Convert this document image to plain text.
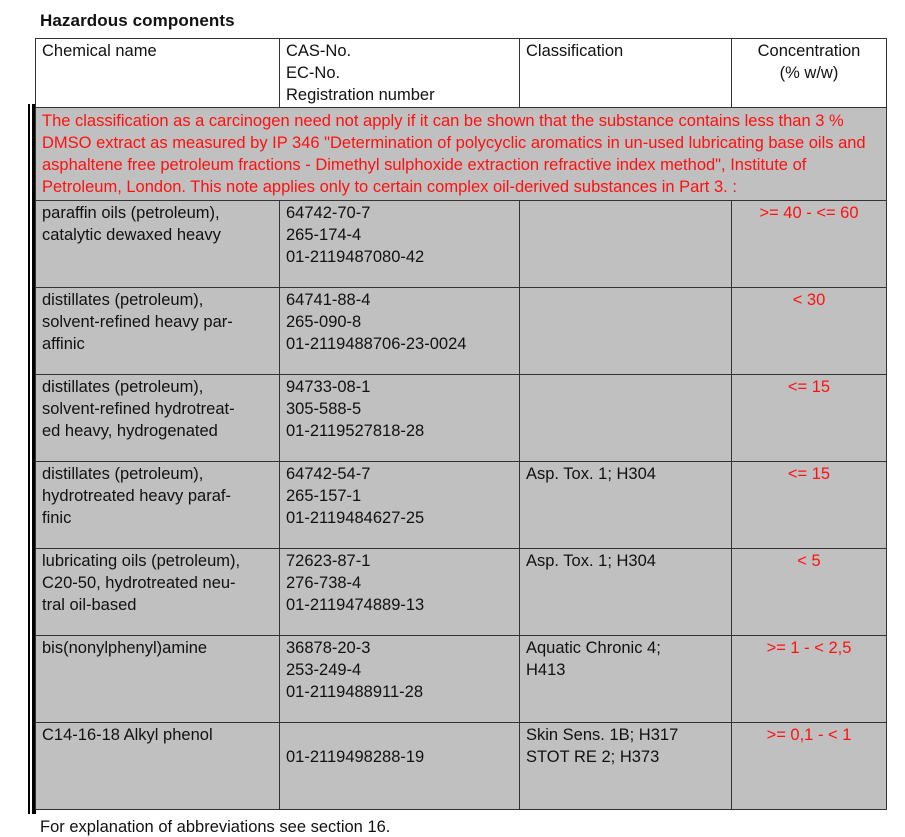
Hazardous components
Chemical name	CAS-No.
EC-No.
Registration number	Classification	Concentration
(% w/w)
The classification as a carcinogen need not apply if it can be shown that the substance contains less than 3 % DMSO extract as measured by IP 346 "Determination of polycyclic aromatics in un-used lubricating base oils and asphaltene free petroleum fractions - Dimethyl sulphoxide extraction refractive index method", Institute of Petroleum, London. This note applies only to certain complex oil-derived substances in Part 3. :			
paraffin oils (petroleum),
catalytic dewaxed heavy	64742-70-7
265-174-4
01-2119487080-42		>= 40 - <= 60
distillates (petroleum),
solvent-refined heavy par-
affinic	64741-88-4
265-090-8
01-2119488706-23-0024		< 30
distillates (petroleum),
solvent-refined hydrotreat-
ed heavy, hydrogenated	94733-08-1
305-588-5
01-2119527818-28		<= 15
distillates (petroleum),
hydrotreated heavy paraf-
finic	64742-54-7
265-157-1
01-2119484627-25	Asp. Tox. 1; H304	<= 15
lubricating oils (petroleum),
C20-50, hydrotreated neu-
tral oil-based	72623-87-1
276-738-4
01-2119474889-13	Asp. Tox. 1; H304	< 5
bis(nonylphenyl)amine	36878-20-3
253-249-4
01-2119488911-28	Aquatic Chronic 4;
H413	>= 1 - < 2,5
C14-16-18 Alkyl phenol	
01-2119498288-19	Skin Sens. 1B; H317
STOT RE 2; H373	>= 0,1 - < 1
For explanation of abbreviations see section 16.
